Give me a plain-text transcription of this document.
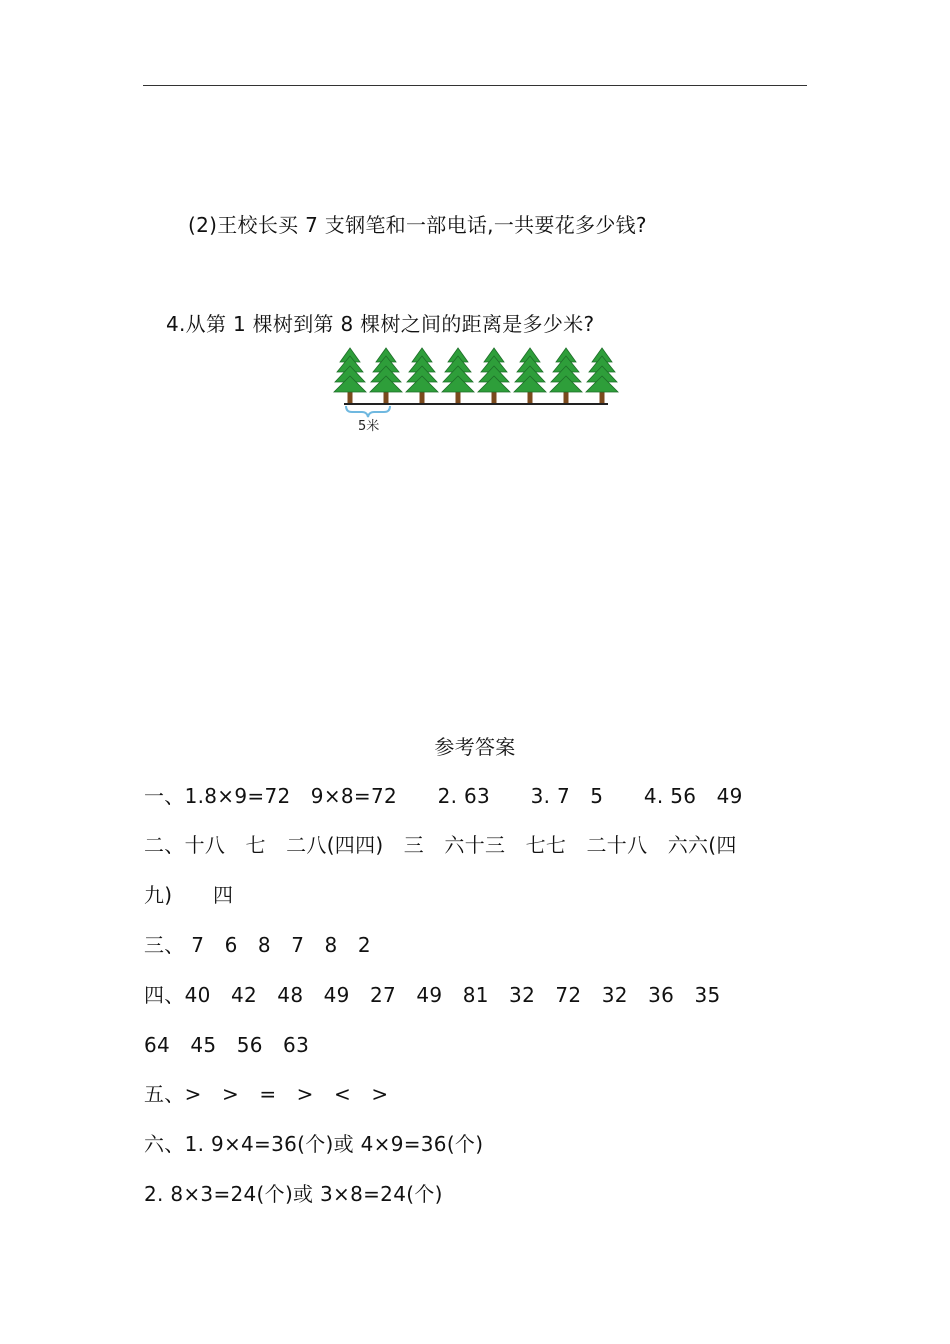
(2)王校长买 7 支钢笔和一部电话,一共要花多少钱?
4.从第 1 棵树到第 8 棵树之间的距离是多少米?
5米
参考答案
一、1.8×9=72　9×8=72　　2. 63　　3. 7　5　　4. 56　49
二、十八　七　二八(四四)　三　六十三　七七　二十八　六六(四
九)　　四
三、 7　6　8　7　8　2
四、40　42　48　49　27　49　81　32　72　32　36　35
64　45　56　63
五、>　>　=　>　<　>
六、1. 9×4=36(个)或 4×9=36(个)
2. 8×3=24(个)或 3×8=24(个)
